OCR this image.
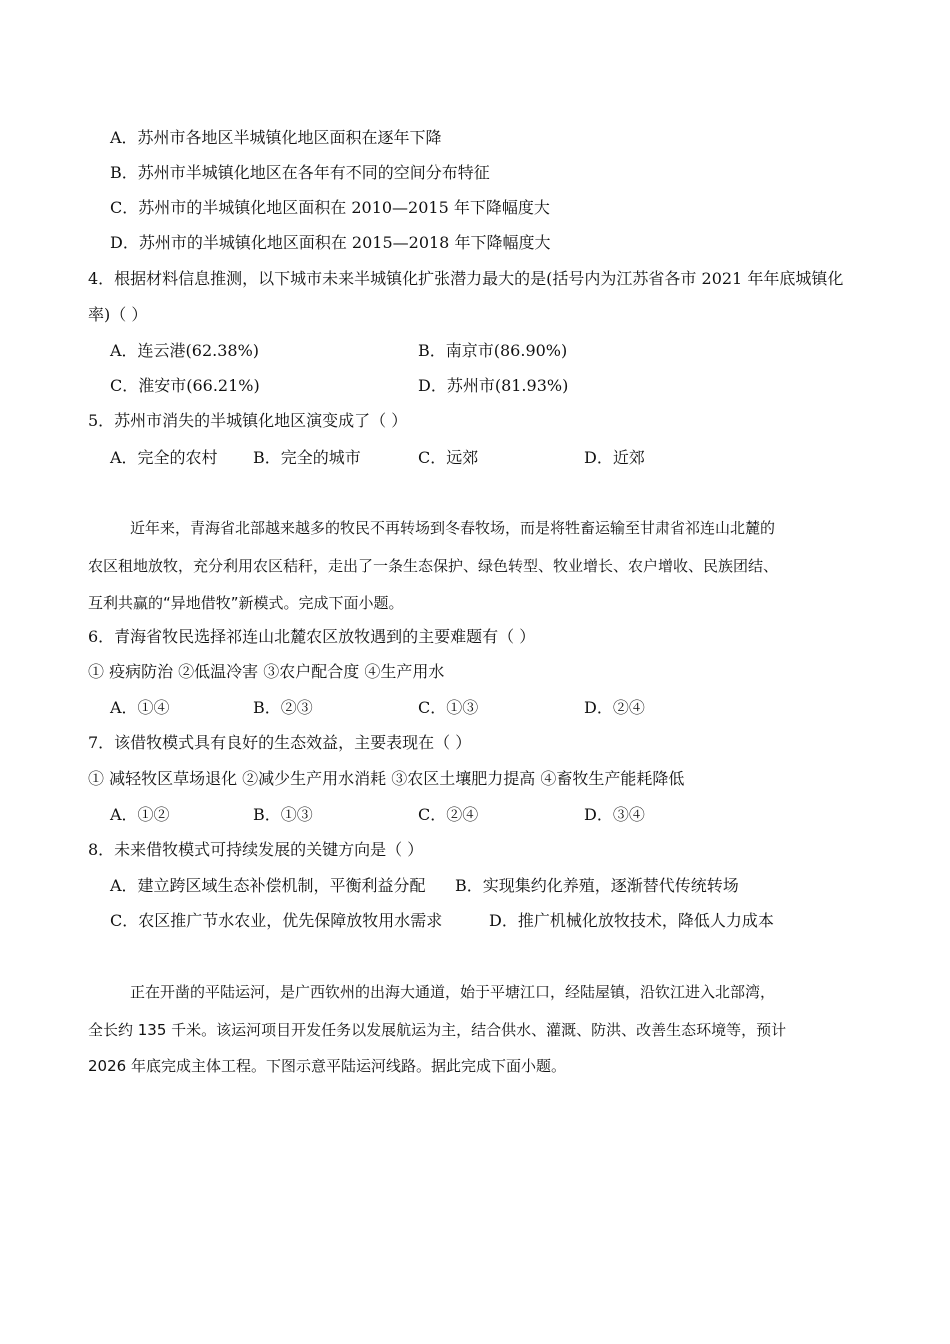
A．苏州市各地区半城镇化地区面积在逐年下降
B．苏州市半城镇化地区在各年有不同的空间分布特征
C．苏州市的半城镇化地区面积在 2010—2015 年下降幅度大
D．苏州市的半城镇化地区面积在 2015—2018 年下降幅度大
4．根据材料信息推测，以下城市未来半城镇化扩张潜力最大的是(括号内为江苏省各市 2021 年年底城镇化
率)（ ）
A．连云港(62.38%)	B．南京市(86.90%)
C．淮安市(66.21%)	D．苏州市(81.93%)
5．苏州市消失的半城镇化地区演变成了（ ）
A．完全的农村 B．完全的城市	C．远郊	D．近郊
近年来，青海省北部越来越多的牧民不再转场到冬春牧场，而是将牲畜运输至甘肃省祁连山北麓的
农区租地放牧，充分利用农区秸秆，走出了一条生态保护、绿色转型、牧业增长、农户增收、民族团结、
互利共赢的“异地借牧”新模式。完成下面小题。
6．青海省牧民选择祁连山北麓农区放牧遇到的主要难题有（ ）
① 疫病防治 ②低温冷害 ③农户配合度 ④生产用水
A．①④	B．②③	C．①③	D．②④
7．该借牧模式具有良好的生态效益，主要表现在（ ）
① 减轻牧区草场退化 ②减少生产用水消耗 ③农区土壤肥力提高 ④畜牧生产能耗降低
A．①②	B．①③	C．②④	D．③④
8．未来借牧模式可持续发展的关键方向是（ ）
A．建立跨区域生态补偿机制，平衡利益分配 B．实现集约化养殖，逐渐替代传统转场
C．农区推广节水农业，优先保障放牧用水需求	D．推广机械化放牧技术，降低人力成本
正在开凿的平陆运河，是广西钦州的出海大通道，始于平塘江口，经陆屋镇，沿钦江进入北部湾，
全长约 135 千米。该运河项目开发任务以发展航运为主，结合供水、灌溉、防洪、改善生态环境等，预计
2026 年底完成主体工程。下图示意平陆运河线路。据此完成下面小题。
